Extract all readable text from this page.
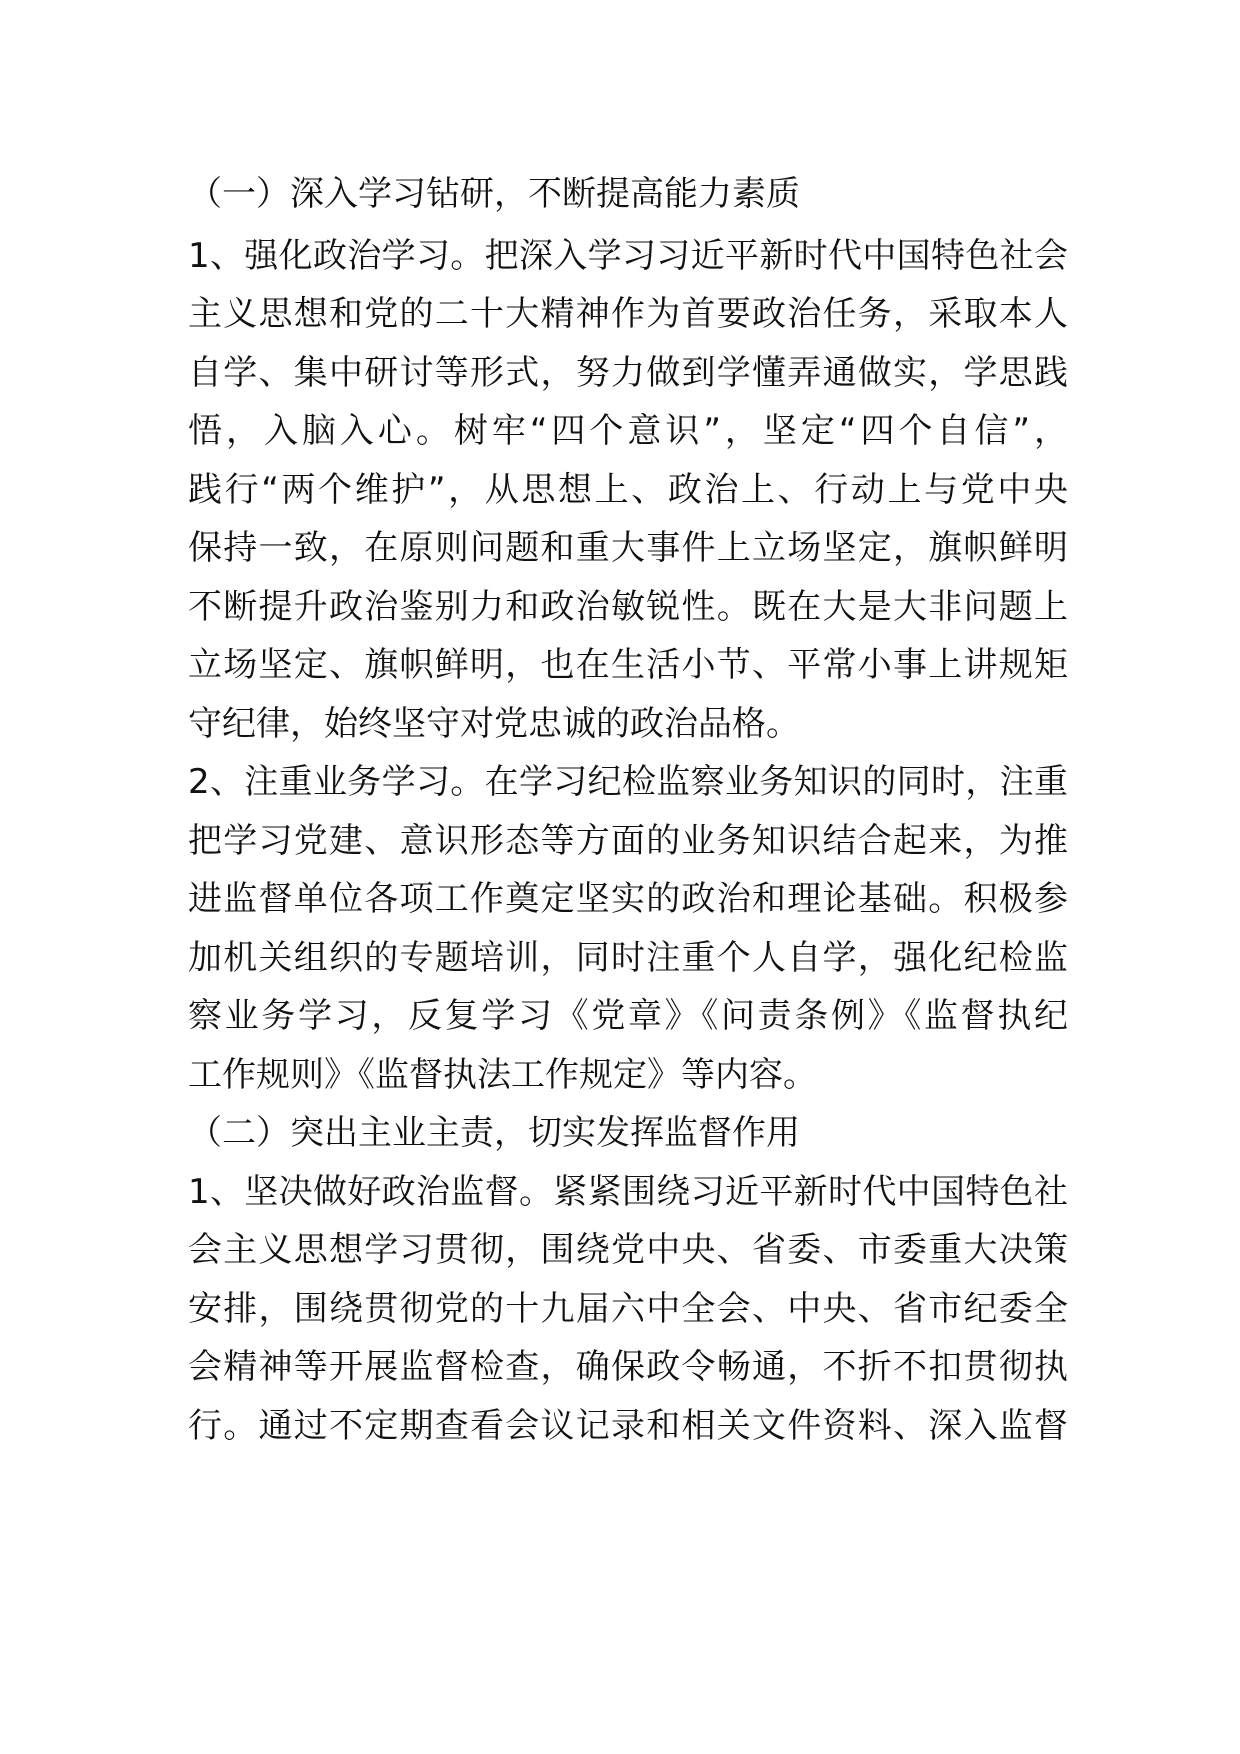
（一）深入学习钻研，不断提高能力素质
1、强化政治学习。把深入学习习近平新时代中国特色社会
主义思想和党的二十大精神作为首要政治任务，采取本人
自学、集中研讨等形式，努力做到学懂弄通做实，学思践
悟，入脑入心。树牢“四个意识”，坚定“四个自信”，
践行“两个维护”，从思想上、政治上、行动上与党中央
保持一致，在原则问题和重大事件上立场坚定，旗帜鲜明
不断提升政治鉴别力和政治敏锐性。既在大是大非问题上
立场坚定、旗帜鲜明，也在生活小节、平常小事上讲规矩
守纪律，始终坚守对党忠诚的政治品格。
2、注重业务学习。在学习纪检监察业务知识的同时，注重
把学习党建、意识形态等方面的业务知识结合起来，为推
进监督单位各项工作奠定坚实的政治和理论基础。积极参
加机关组织的专题培训，同时注重个人自学，强化纪检监
察业务学习，反复学习《党章》《问责条例》《监督执纪
工作规则》《监督执法工作规定》等内容。
（二）突出主业主责，切实发挥监督作用
1、坚决做好政治监督。紧紧围绕习近平新时代中国特色社
会主义思想学习贯彻，围绕党中央、省委、市委重大决策
安排，围绕贯彻党的十九届六中全会、中央、省市纪委全
会精神等开展监督检查，确保政令畅通，不折不扣贯彻执
行。通过不定期查看会议记录和相关文件资料、深入监督
